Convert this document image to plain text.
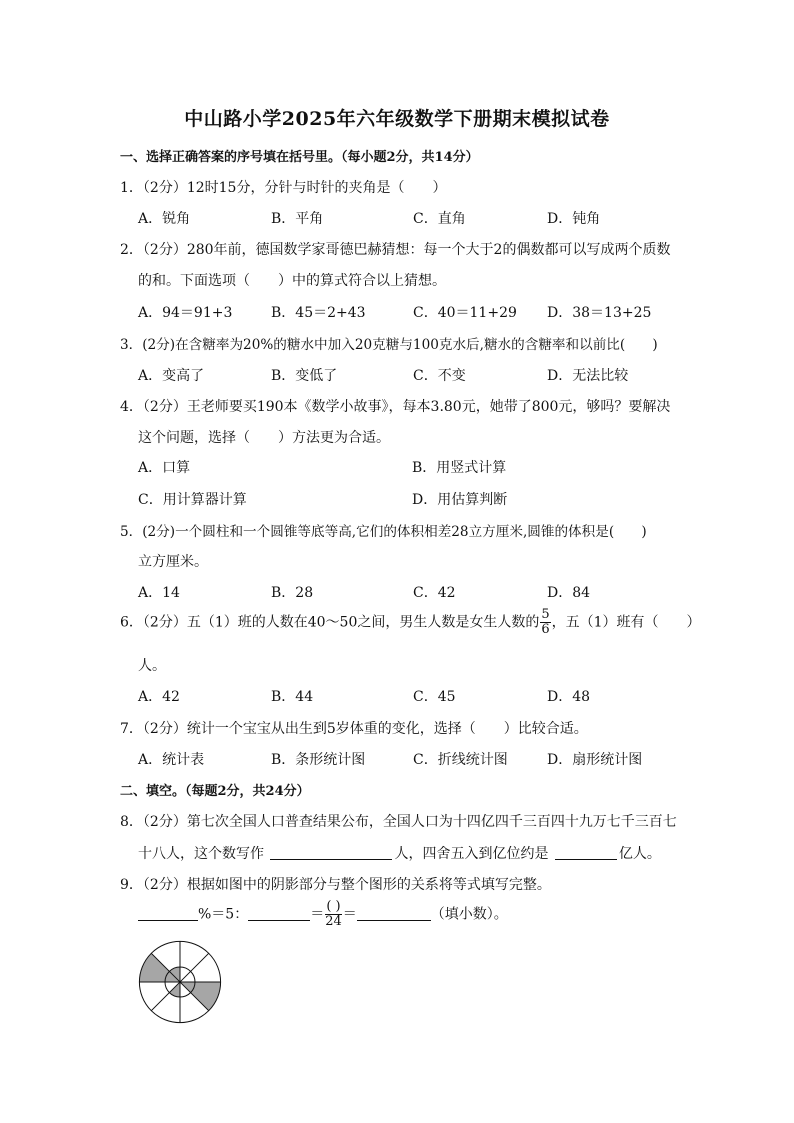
中山路小学2025年六年级数学下册期末模拟试卷
一、选择正确答案的序号填在括号里。（每小题2分，共14分）
1．（2分）12时15分，分针与时针的夹角是（　　）
A．锐角	B．平角	C．直角	D．钝角
2．（2分）280年前，德国数学家哥德巴赫猜想：每一个大于2的偶数都可以写成两个质数
的和。下面选项（　　）中的算式符合以上猜想。
A．94＝91+3	B．45＝2+43	C．40＝11+29 D．38＝13+25
3．(2分)在含糖率为20%的糖水中加入20克糖与100克水后,糖水的含糖率和以前比(　　)
A．变高了	B．变低了	C．不变	D．无法比较
4．（2分）王老师要买190本《数学小故事》，每本3.80元，她带了800元，够吗？要解决
这个问题，选择（　　）方法更为合适。
A．口算	B．用竖式计算
C．用计算器计算	D．用估算判断
5．(2分)一个圆柱和一个圆锥等底等高,它们的体积相差28立方厘米,圆锥的体积是(　　)
立方厘米。
A．14	B．28	C．42	D．84
6．（2分）五（1）班的人数在40～50之间，男生人数是女生人数的 $\frac{5}{6}$ ，五（1）班有（　　）
人。
A．42	B．44	C．45	D．48
7．（2分）统计一个宝宝从出生到5岁体重的变化，选择（　　）比较合适。
A．统计表	B．条形统计图	C．折线统计图	D．扇形统计图
二、填空。（每题2分，共24分）
8．（2分）第七次全国人口普查结果公布，全国人口为十四亿四千三百四十九万七千三百七
十八人，这个数写作	人，四舍五入到亿位约是	亿人。
9．（2分）根据如图中的阴影部分与整个图形的关系将等式填写完整。
%＝5：	＝ $\frac{( )}{24}$ ＝	（填小数）。
